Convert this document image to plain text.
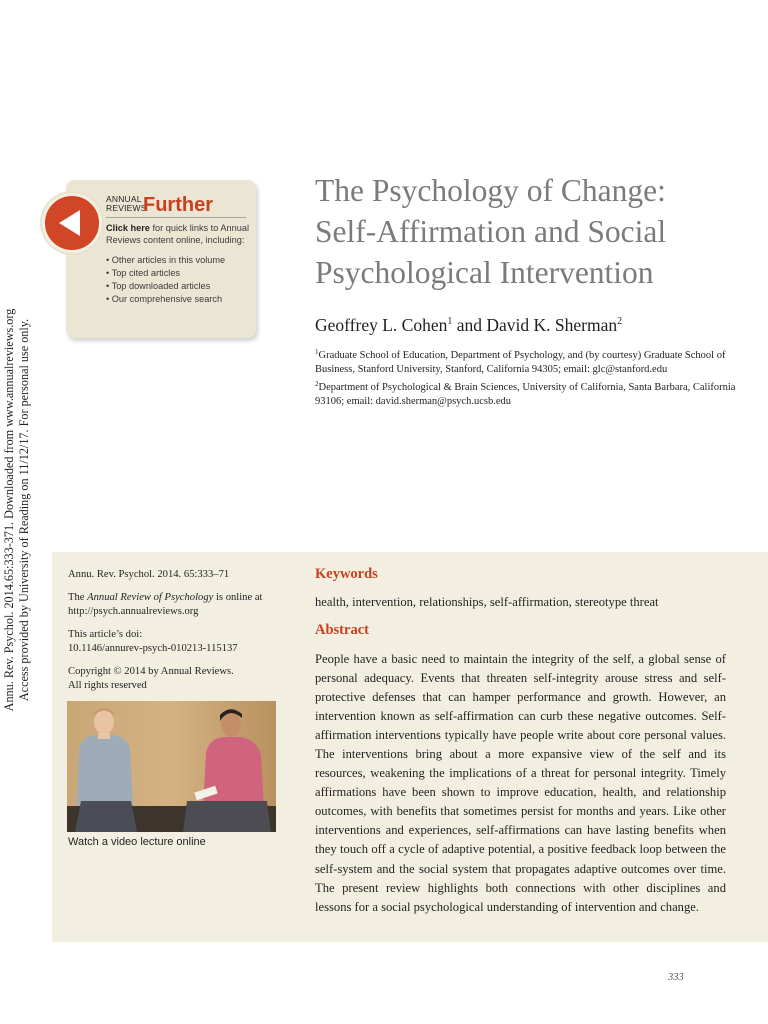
Annu. Rev. Psychol. 2014.65:333-371. Downloaded from www.annualreviews.org Access provided by University of Reading on 11/12/17. For personal use only.
ANNUAL
REVIEWS
Further
Click here for quick links to Annual Reviews content online, including:
• Other articles in this volume
• Top cited articles
• Top downloaded articles
• Our comprehensive search
The Psychology of Change:
Self-Affirmation and Social
Psychological Intervention
Geoffrey L. Cohen$^1$ and David K. Sherman$^2$
$^1$Graduate School of Education, Department of Psychology, and (by courtesy) Graduate School of Business, Stanford University, Stanford, California 94305; email: glc@stanford.edu
$^2$Department of Psychological & Brain Sciences, University of California, Santa Barbara, California 93106; email: david.sherman@psych.ucsb.edu
Annu. Rev. Psychol. 2014. 65:333–71
The Annual Review of Psychology is online at http://psych.annualreviews.org
This article’s doi:
10.1146/annurev-psych-010213-115137
Copyright © 2014 by Annual Reviews.
All rights reserved
Watch a video lecture online
Keywords
health, intervention, relationships, self-affirmation, stereotype threat
Abstract
People have a basic need to maintain the integrity of the self, a global sense of personal adequacy. Events that threaten self-integrity arouse stress and self-protective defenses that can hamper performance and growth. However, an intervention known as self-affirmation can curb these negative outcomes. Self-affirmation interventions typically have people write about core personal values. The interventions bring about a more expansive view of the self and its resources, weakening the implications of a threat for personal integrity. Timely affirmations have been shown to improve education, health, and relationship outcomes, with benefits that sometimes persist for months and years. Like other interventions and experiences, self-affirmations can have lasting benefits when they touch off a cycle of adaptive potential, a positive feedback loop between the self-system and the social system that propagates adaptive outcomes over time. The present review highlights both connections with other disciplines and lessons for a social psychological understanding of intervention and change.
333
